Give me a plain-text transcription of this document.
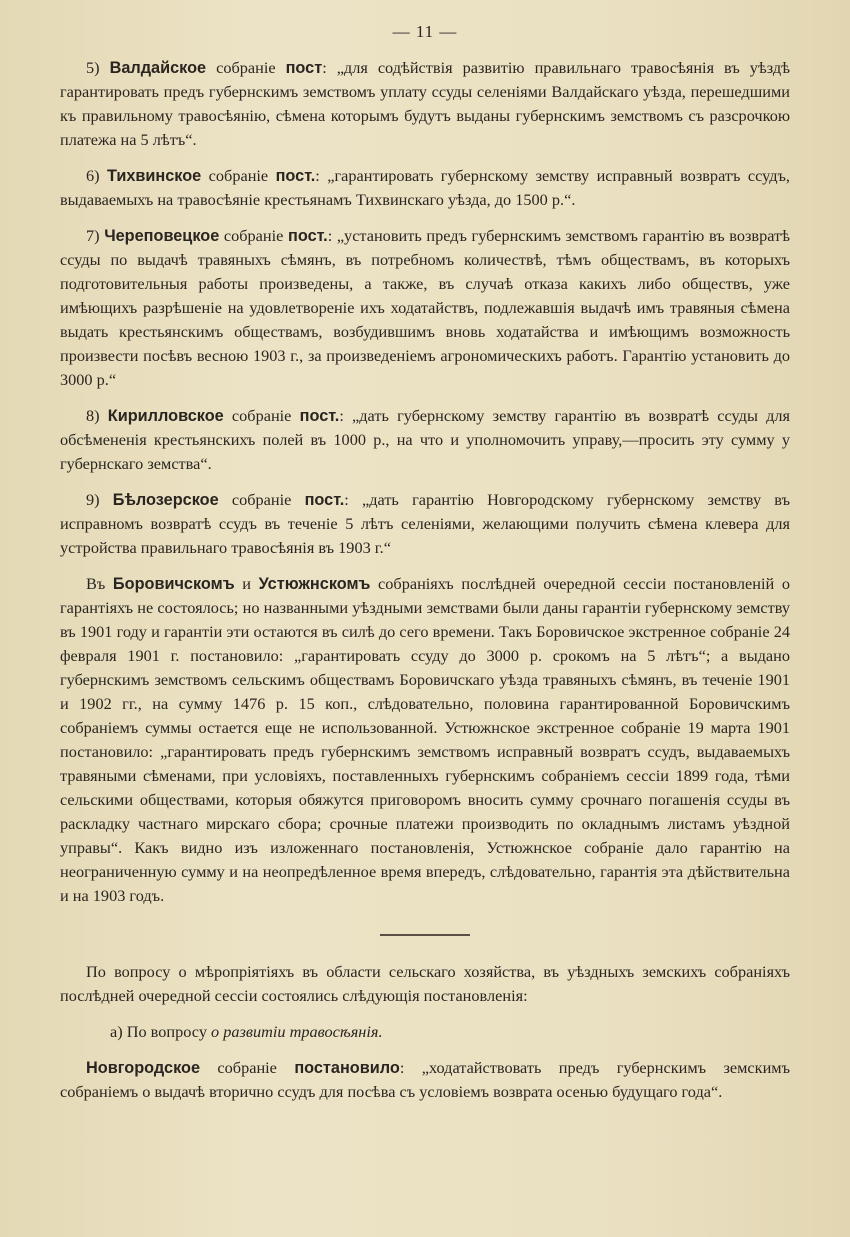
— 11 —

5) Валдайское собраніе пост: „для содѣйствія развитію правильнаго травосѣянія въ уѣздѣ гарантировать предъ губернскимъ земствомъ уплату ссуды селеніями Валдайскаго уѣзда, перешедшими къ правильному травосѣянію, сѣмена которымъ будутъ выданы губернскимъ земствомъ съ разсрочкою платежа на 5 лѣтъ“.

6) Тихвинское собраніе пост.: „гарантировать губернскому земству исправный возвратъ ссудъ, выдаваемыхъ на травосѣяніе крестьянамъ Тихвинскаго уѣзда, до 1500 р.“.

7) Череповецкое собраніе пост.: „установить предъ губернскимъ земствомъ гарантію въ возвратѣ ссуды по выдачѣ травяныхъ сѣмянъ, въ потребномъ количествѣ, тѣмъ обществамъ, въ которыхъ подготовительныя работы произведены, а также, въ случаѣ отказа какихъ либо обществъ, уже имѣющихъ разрѣшеніе на удовлетвореніе ихъ ходатайствъ, подлежавшія выдачѣ имъ травяныя сѣмена выдать крестьянскимъ обществамъ, возбудившимъ вновь ходатайства и имѣющимъ возможность произвести посѣвъ весною 1903 г., за произведеніемъ агрономическихъ работъ. Гарантію установить до 3000 р.“

8) Кирилловское собраніе пост.: „дать губернскому земству гарантію въ возвратѣ ссуды для обсѣмененія крестьянскихъ полей въ 1000 р., на что и уполномочить управу,—просить эту сумму у губернскаго земства“.

9) Бѣлозерское собраніе пост.: „дать гарантію Новгородскому губернскому земству въ исправномъ возвратѣ ссудъ въ теченіе 5 лѣтъ селеніями, желающими получить сѣмена клевера для устройства правильнаго травосѣянія въ 1903 г.“

Въ Боровичскомъ и Устюжнскомъ собраніяхъ послѣдней очередной сессіи постановленій о гарантіяхъ не состоялось; но названными уѣздными земствами были даны гарантіи губернскому земству въ 1901 году и гарантіи эти остаются въ силѣ до сего времени. Такъ Боровичское экстренное собраніе 24 февраля 1901 г. постановило: „гарантировать ссуду до 3000 р. срокомъ на 5 лѣтъ“; а выдано губернскимъ земствомъ сельскимъ обществамъ Боровичскаго уѣзда травяныхъ сѣмянъ, въ теченіе 1901 и 1902 гг., на сумму 1476 р. 15 коп., слѣдовательно, половина гарантированной Боровичскимъ собраніемъ суммы остается еще не использованной. Устюжнское экстренное собраніе 19 марта 1901 постановило: „гарантировать предъ губернскимъ земствомъ исправный возвратъ ссудъ, выдаваемыхъ травяными сѣменами, при условіяхъ, поставленныхъ губернскимъ собраніемъ сессіи 1899 года, тѣми сельскими обществами, которыя обяжутся приговоромъ вносить сумму срочнаго погашенія ссуды въ раскладку частнаго мирскаго сбора; срочные платежи производить по окладнымъ листамъ уѣздной управы“. Какъ видно изъ изложеннаго постановленія, Устюжнское собраніе дало гарантію на неограниченную сумму и на неопредѣленное время впередъ, слѣдовательно, гарантія эта дѣйствительна и на 1903 годъ.

По вопросу о мѣропріятіяхъ въ области сельскаго хозяйства, въ уѣздныхъ земскихъ собраніяхъ послѣдней очередной сессіи состоялись слѣдующія постановленія:

а) По вопросу о развитіи травосѣянія.

Новгородское собраніе постановило: „ходатайствовать предъ губернскимъ земскимъ собраніемъ о выдачѣ вторично ссудъ для посѣва съ условіемъ возврата осенью будущаго года“.
